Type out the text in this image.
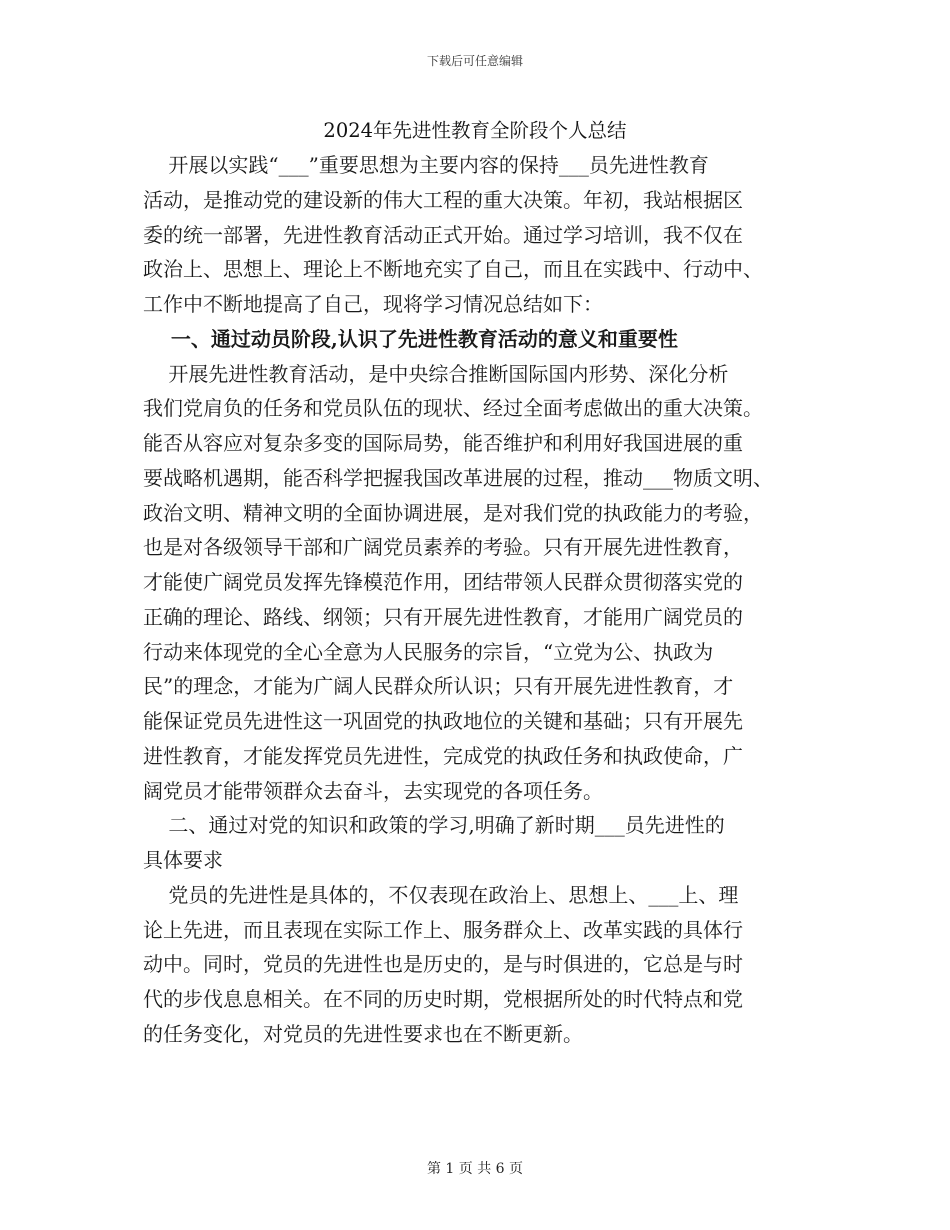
下载后可任意编辑
2024年先进性教育全阶段个人总结
开展以实践“___”重要思想为主要内容的保持___员先进性教育
活动，是推动党的建设新的伟大工程的重大决策。年初，我站根据区
委的统一部署，先进性教育活动正式开始。通过学习培训，我不仅在
政治上、思想上、理论上不断地充实了自己，而且在实践中、行动中、
工作中不断地提高了自己，现将学习情况总结如下：
一、通过动员阶段,认识了先进性教育活动的意义和重要性
开展先进性教育活动，是中央综合推断国际国内形势、深化分析
我们党肩负的任务和党员队伍的现状、经过全面考虑做出的重大决策。
能否从容应对复杂多变的国际局势，能否维护和利用好我国进展的重
要战略机遇期，能否科学把握我国改革进展的过程，推动___物质文明、
政治文明、精神文明的全面协调进展，是对我们党的执政能力的考验，
也是对各级领导干部和广阔党员素养的考验。只有开展先进性教育，
才能使广阔党员发挥先锋模范作用，团结带领人民群众贯彻落实党的
正确的理论、路线、纲领；只有开展先进性教育，才能用广阔党员的
行动来体现党的全心全意为人民服务的宗旨，“立党为公、执政为
民”的理念，才能为广阔人民群众所认识；只有开展先进性教育，才
能保证党员先进性这一巩固党的执政地位的关键和基础；只有开展先
进性教育，才能发挥党员先进性，完成党的执政任务和执政使命，广
阔党员才能带领群众去奋斗，去实现党的各项任务。
二、通过对党的知识和政策的学习,明确了新时期___员先进性的
具体要求
党员的先进性是具体的，不仅表现在政治上、思想上、___上、理
论上先进，而且表现在实际工作上、服务群众上、改革实践的具体行
动中。同时，党员的先进性也是历史的，是与时俱进的，它总是与时
代的步伐息息相关。在不同的历史时期，党根据所处的时代特点和党
的任务变化，对党员的先进性要求也在不断更新。
第 1 页 共 6 页
